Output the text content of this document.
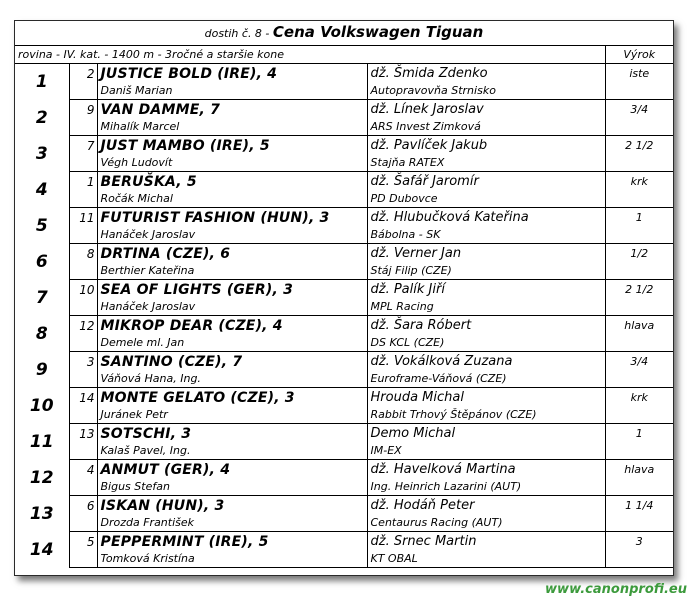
dostih č. 8 - Cena Volkswagen Tiguan				
rovina - IV. kat. - 1400 m - 3ročné a staršie kone				Výrok
1	2	JUSTICE BOLD (IRE), 4	dž. Šmida Zdenko	iste
		Daniš Marian	Autopravovňa Strnisko	
2	9	VAN DAMME, 7	dž. Línek Jaroslav	3/4
		Mihalík Marcel	ARS Invest Zimková	
3	7	JUST MAMBO (IRE), 5	dž. Pavlíček Jakub	2 1/2
		Végh Ludovít	Stajňa RATEX	
4	1	BERUŠKA, 5	dž. Šafář Jaromír	krk
		Ročák Michal	PD Dubovce	
5	11	FUTURIST FASHION (HUN), 3	dž. Hlubučková Kateřina	1
		Hanáček Jaroslav	Bábolna - SK	
6	8	DRTINA (CZE), 6	dž. Verner Jan	1/2
		Berthier Kateřina	Stáj Filip (CZE)	
7	10	SEA OF LIGHTS (GER), 3	dž. Palík Jiří	2 1/2
		Hanáček Jaroslav	MPL Racing	
8	12	MIKROP DEAR (CZE), 4	dž. Šara Róbert	hlava
		Demele ml. Jan	DS KCL (CZE)	
9	3	SANTINO (CZE), 7	dž. Vokálková Zuzana	3/4
		Váňová Hana, Ing.	Euroframe-Váňová (CZE)	
10	14	MONTE GELATO (CZE), 3	Hrouda Michal	krk
		Juránek Petr	Rabbit Trhový Štěpánov (CZE)	
11	13	SOTSCHI, 3	Demo Michal	1
		Kalaš Pavel, Ing.	IM-EX	
12	4	ANMUT (GER), 4	dž. Havelková Martina	hlava
		Bigus Stefan	Ing. Heinrich Lazarini (AUT)	
13	6	ISKAN (HUN), 3	dž. Hodáň Peter	1 1/4
		Drozda František	Centaurus Racing (AUT)	
14	5	PEPPERMINT (IRE), 5	dž. Srnec Martin	3
		Tomková Kristína	KT OBAL	
www.canonprofi.eu
